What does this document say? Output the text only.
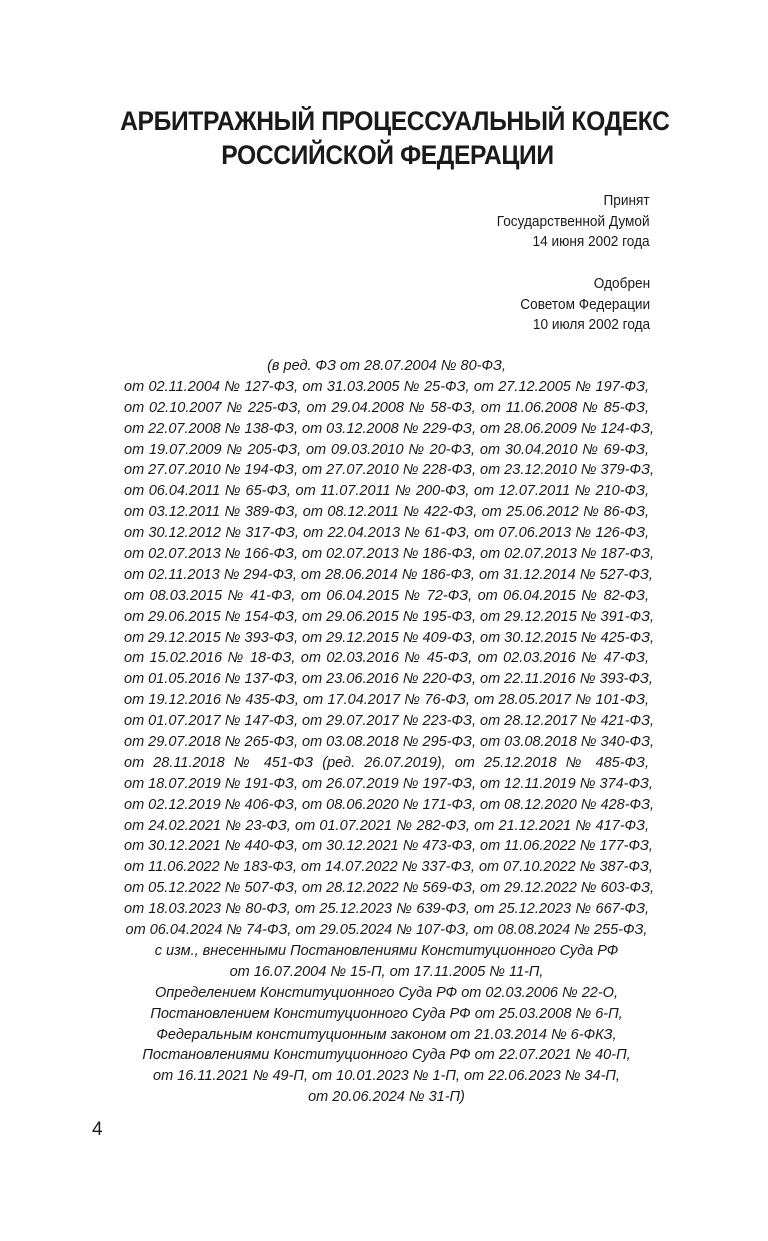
АРБИТРАЖНЫЙ ПРОЦЕССУАЛЬНЫЙ КОДЕКС
РОССИЙСКОЙ ФЕДЕРАЦИИ
Принят
Государственной Думой
14 июня 2002 года
Одобрен
Советом Федерации
10 июля 2002 года
(в ред. ФЗ от 28.07.2004 № 80-ФЗ,
от 02.11.2004 № 127-ФЗ, от 31.03.2005 № 25-ФЗ, от 27.12.2005 № 197-ФЗ,
от 02.10.2007 № 225-ФЗ, от 29.04.2008 № 58-ФЗ, от 11.06.2008 № 85-ФЗ,
от 22.07.2008 № 138-ФЗ, от 03.12.2008 № 229-ФЗ, от 28.06.2009 № 124-ФЗ,
от 19.07.2009 № 205-ФЗ, от 09.03.2010 № 20-ФЗ, от 30.04.2010 № 69-ФЗ,
от 27.07.2010 № 194-ФЗ, от 27.07.2010 № 228-ФЗ, от 23.12.2010 № 379-ФЗ,
от 06.04.2011 № 65-ФЗ, от 11.07.2011 № 200-ФЗ, от 12.07.2011 № 210-ФЗ,
от 03.12.2011 № 389-ФЗ, от 08.12.2011 № 422-ФЗ, от 25.06.2012 № 86-ФЗ,
от 30.12.2012 № 317-ФЗ, от 22.04.2013 № 61-ФЗ, от 07.06.2013 № 126-ФЗ,
от 02.07.2013 № 166-ФЗ, от 02.07.2013 № 186-ФЗ, от 02.07.2013 № 187-ФЗ,
от 02.11.2013 № 294-ФЗ, от 28.06.2014 № 186-ФЗ, от 31.12.2014 № 527-ФЗ,
от 08.03.2015 № 41-ФЗ, от 06.04.2015 № 72-ФЗ, от 06.04.2015 № 82-ФЗ,
от 29.06.2015 № 154-ФЗ, от 29.06.2015 № 195-ФЗ, от 29.12.2015 № 391-ФЗ,
от 29.12.2015 № 393-ФЗ, от 29.12.2015 № 409-ФЗ, от 30.12.2015 № 425-ФЗ,
от 15.02.2016 № 18-ФЗ, от 02.03.2016 № 45-ФЗ, от 02.03.2016 № 47-ФЗ,
от 01.05.2016 № 137-ФЗ, от 23.06.2016 № 220-ФЗ, от 22.11.2016 № 393-ФЗ,
от 19.12.2016 № 435-ФЗ, от 17.04.2017 № 76-ФЗ, от 28.05.2017 № 101-ФЗ,
от 01.07.2017 № 147-ФЗ, от 29.07.2017 № 223-ФЗ, от 28.12.2017 № 421-ФЗ,
от 29.07.2018 № 265-ФЗ, от 03.08.2018 № 295-ФЗ, от 03.08.2018 № 340-ФЗ,
от 28.11.2018 № 451-ФЗ (ред. 26.07.2019), от 25.12.2018 № 485-ФЗ,
от 18.07.2019 № 191-ФЗ, от 26.07.2019 № 197-ФЗ, от 12.11.2019 № 374-ФЗ,
от 02.12.2019 № 406-ФЗ, от 08.06.2020 № 171-ФЗ, от 08.12.2020 № 428-ФЗ,
от 24.02.2021 № 23-ФЗ, от 01.07.2021 № 282-ФЗ, от 21.12.2021 № 417-ФЗ,
от 30.12.2021 № 440-ФЗ, от 30.12.2021 № 473-ФЗ, от 11.06.2022 № 177-ФЗ,
от 11.06.2022 № 183-ФЗ, от 14.07.2022 № 337-ФЗ, от 07.10.2022 № 387-ФЗ,
от 05.12.2022 № 507-ФЗ, от 28.12.2022 № 569-ФЗ, от 29.12.2022 № 603-ФЗ,
от 18.03.2023 № 80-ФЗ, от 25.12.2023 № 639-ФЗ, от 25.12.2023 № 667-ФЗ,
от 06.04.2024 № 74-ФЗ, от 29.05.2024 № 107-ФЗ, от 08.08.2024 № 255-ФЗ,
с изм., внесенными Постановлениями Конституционного Суда РФ
от 16.07.2004 № 15-П, от 17.11.2005 № 11-П,
Определением Конституционного Суда РФ от 02.03.2006 № 22-О,
Постановлением Конституционного Суда РФ от 25.03.2008 № 6-П,
Федеральным конституционным законом от 21.03.2014 № 6-ФКЗ,
Постановлениями Конституционного Суда РФ от 22.07.2021 № 40-П,
от 16.11.2021 № 49-П, от 10.01.2023 № 1-П, от 22.06.2023 № 34-П,
от 20.06.2024 № 31-П)
4
